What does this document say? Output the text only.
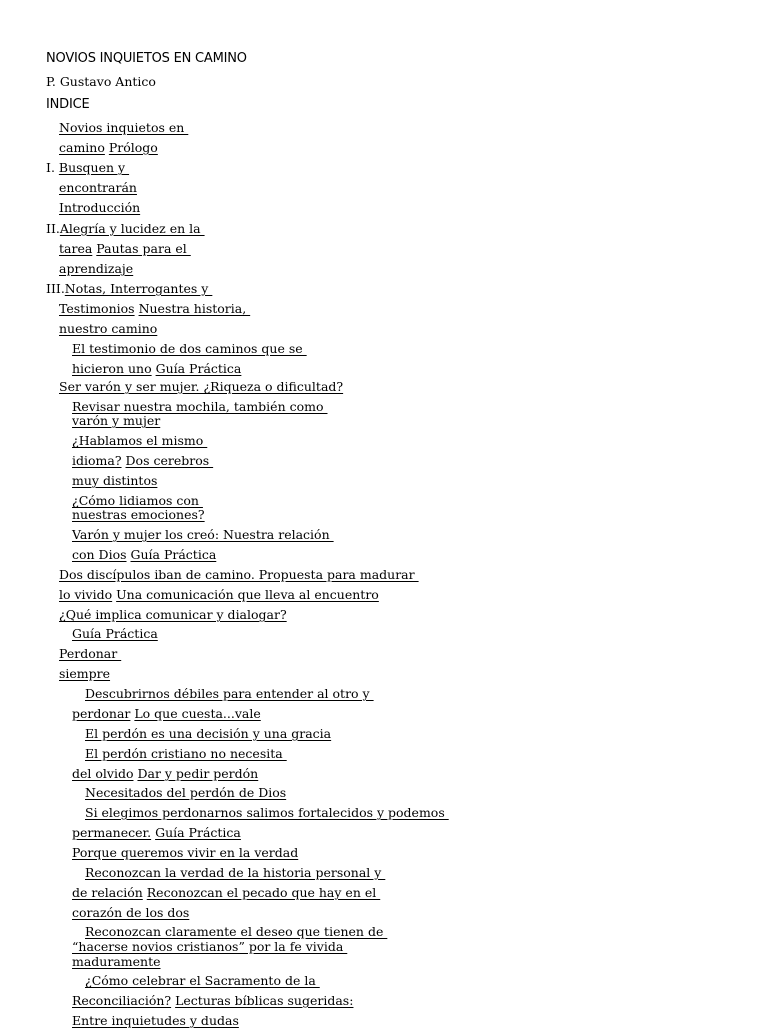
NOVIOS INQUIETOS EN CAMINO
P. Gustavo Antico
INDICE
Novios inquietos en
camino Prólogo
I. Busquen y
encontrarán
Introducción
II.Alegría y lucidez en la
tarea Pautas para el
aprendizaje
III.Notas, Interrogantes y
Testimonios Nuestra historia,
nuestro camino
El testimonio de dos caminos que se
hicieron uno Guía Práctica
Ser varón y ser mujer. ¿Riqueza o dificultad?
Revisar nuestra mochila, también como
varón y mujer
¿Hablamos el mismo
idioma? Dos cerebros
muy distintos
¿Cómo lidiamos con
nuestras emociones?
Varón y mujer los creó: Nuestra relación
con Dios Guía Práctica
Dos discípulos iban de camino. Propuesta para madurar
lo vivido Una comunicación que lleva al encuentro
¿Qué implica comunicar y dialogar?
Guía Práctica
Perdonar
siempre
Descubrirnos débiles para entender al otro y
perdonar Lo que cuesta...vale
El perdón es una decisión y una gracia
El perdón cristiano no necesita
del olvido Dar y pedir perdón
Necesitados del perdón de Dios
Si elegimos perdonarnos salimos fortalecidos y podemos
permanecer. Guía Práctica
Porque queremos vivir en la verdad
Reconozcan la verdad de la historia personal y
de relación Reconozcan el pecado que hay en el
corazón de los dos
Reconozcan claramente el deseo que tienen de
“hacerse novios cristianos” por la fe vivida
maduramente
¿Cómo celebrar el Sacramento de la
Reconciliación? Lecturas bíblicas sugeridas:
Entre inquietudes y dudas
